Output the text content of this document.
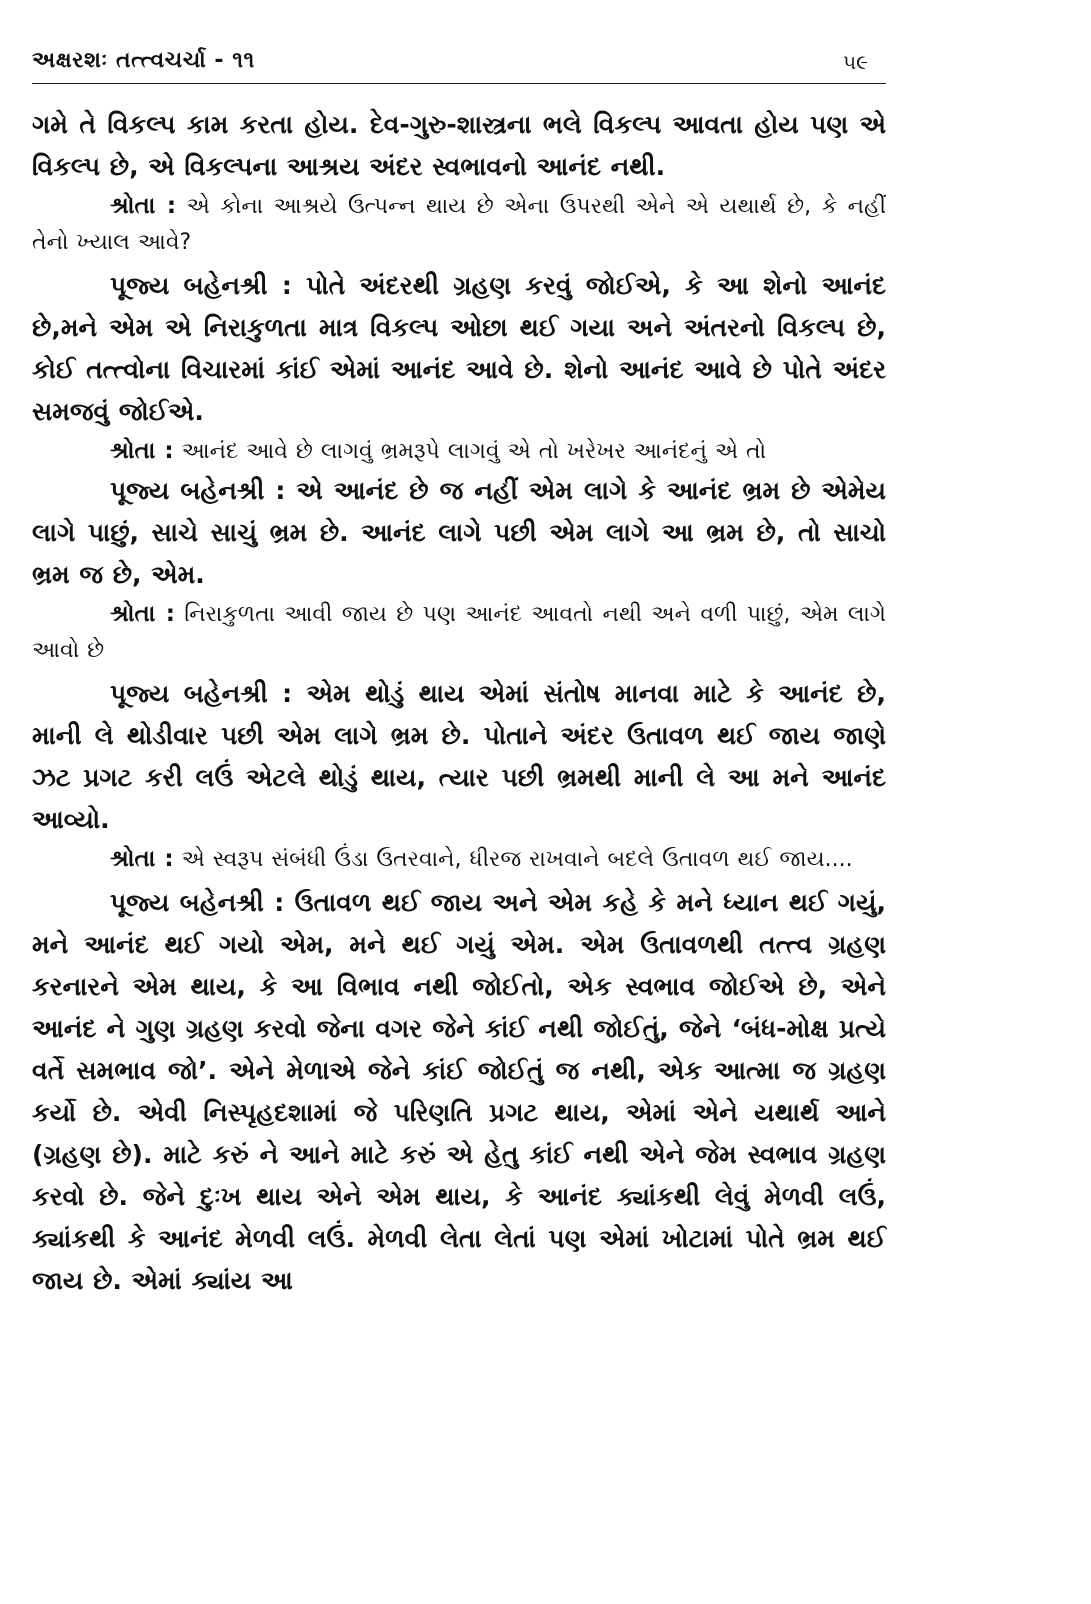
અક્ષરશઃ તત્ત્વચર્ચા - ૧૧	૫૯

ગમે તે વિકલ્પ કામ કરતા હોય. દેવ-ગુરુ-શાસ્ત્રના ભલે વિકલ્પ આવતા હોય પણ એ વિકલ્પ છે, એ વિકલ્પના આશ્રય અંદર સ્વભાવનો આનંદ નથી.

શ્રોતા : એ કોના આશ્રયે ઉત્પન્ન થાય છે એના ઉપરથી એને એ યથાર્થ છે, કે નહીં તેનો ખ્યાલ આવે?

પૂજ્ય બહેનશ્રી : પોતે અંદરથી ગ્રહણ કરવું જોઈએ, કે આ શેનો આનંદ છે,મને એમ એ નિરાકુળતા માત્ર વિકલ્પ ઓછા થઈ ગયા અને અંતરનો વિકલ્પ છે, કોઈ તત્ત્વોના વિચારમાં કાંઈ એમાં આનંદ આવે છે. શેનો આનંદ આવે છે પોતે અંદર સમજવું જોઈએ.

શ્રોતા : આનંદ આવે છે લાગવું ભ્રમરૂપે લાગવું એ તો ખરેખર આનંદનું એ તો

પૂજ્ય બહેનશ્રી : એ આનંદ છે જ નહીં એમ લાગે કે આનંદ ભ્રમ છે એમેય લાગે પાછું, સાચે સાચું ભ્રમ છે. આનંદ લાગે પછી એમ લાગે આ ભ્રમ છે, તો સાચો ભ્રમ જ છે, એમ.

શ્રોતા : નિરાકુળતા આવી જાય છે પણ આનંદ આવતો નથી અને વળી પાછું, એમ લાગે આવો છે

પૂજ્ય બહેનશ્રી : એમ થોડું થાય એમાં સંતોષ માનવા માટે કે આનંદ છે, માની લે થોડીવાર પછી એમ લાગે ભ્રમ છે. પોતાને અંદર ઉતાવળ થઈ જાય જાણે ઝટ પ્રગટ કરી લઉં એટલે થોડું થાય, ત્યાર પછી ભ્રમથી માની લે આ મને આનંદ આવ્યો.

શ્રોતા : એ સ્વરૂપ સંબંધી ઉંડા ઉતરવાને, ધીરજ રાખવાને બદલે ઉતાવળ થઈ જાય....

પૂજ્ય બહેનશ્રી : ઉતાવળ થઈ જાય અને એમ કહે કે મને ધ્યાન થઈ ગયું, મને આનંદ થઈ ગયો એમ, મને થઈ ગયું એમ. એમ ઉતાવળથી તત્ત્વ ગ્રહણ કરનારને એમ થાય, કે આ વિભાવ નથી જોઈતો, એક સ્વભાવ જોઈએ છે, એને આનંદ ને ગુણ ગ્રહણ કરવો જેના વગર જેને કાંઈ નથી જોઈતું, જેને ‘બંધ-મોક્ષ પ્રત્યે વર્તે સમભાવ જો’. એને મેળાએ જેને કાંઈ જોઈતું જ નથી, એક આત્મા જ ગ્રહણ કર્યો છે. એવી નિસ્પૃહદશામાં જે પરિણતિ પ્રગટ થાય, એમાં એને યથાર્થ આને (ગ્રહણ છે). માટે કરું ને આને માટે કરું એ હેતુ કાંઈ નથી એને જેમ સ્વભાવ ગ્રહણ કરવો છે. જેને દુઃખ થાય એને એમ થાય, કે આનંદ ક્યાંકથી લેવું મેળવી લઉં, ક્યાંકથી કે આનંદ મેળવી લઉં. મેળવી લેતા લેતાં પણ એમાં ખોટામાં પોતે ભ્રમ થઈ જાય છે. એમાં ક્યાંય આ
